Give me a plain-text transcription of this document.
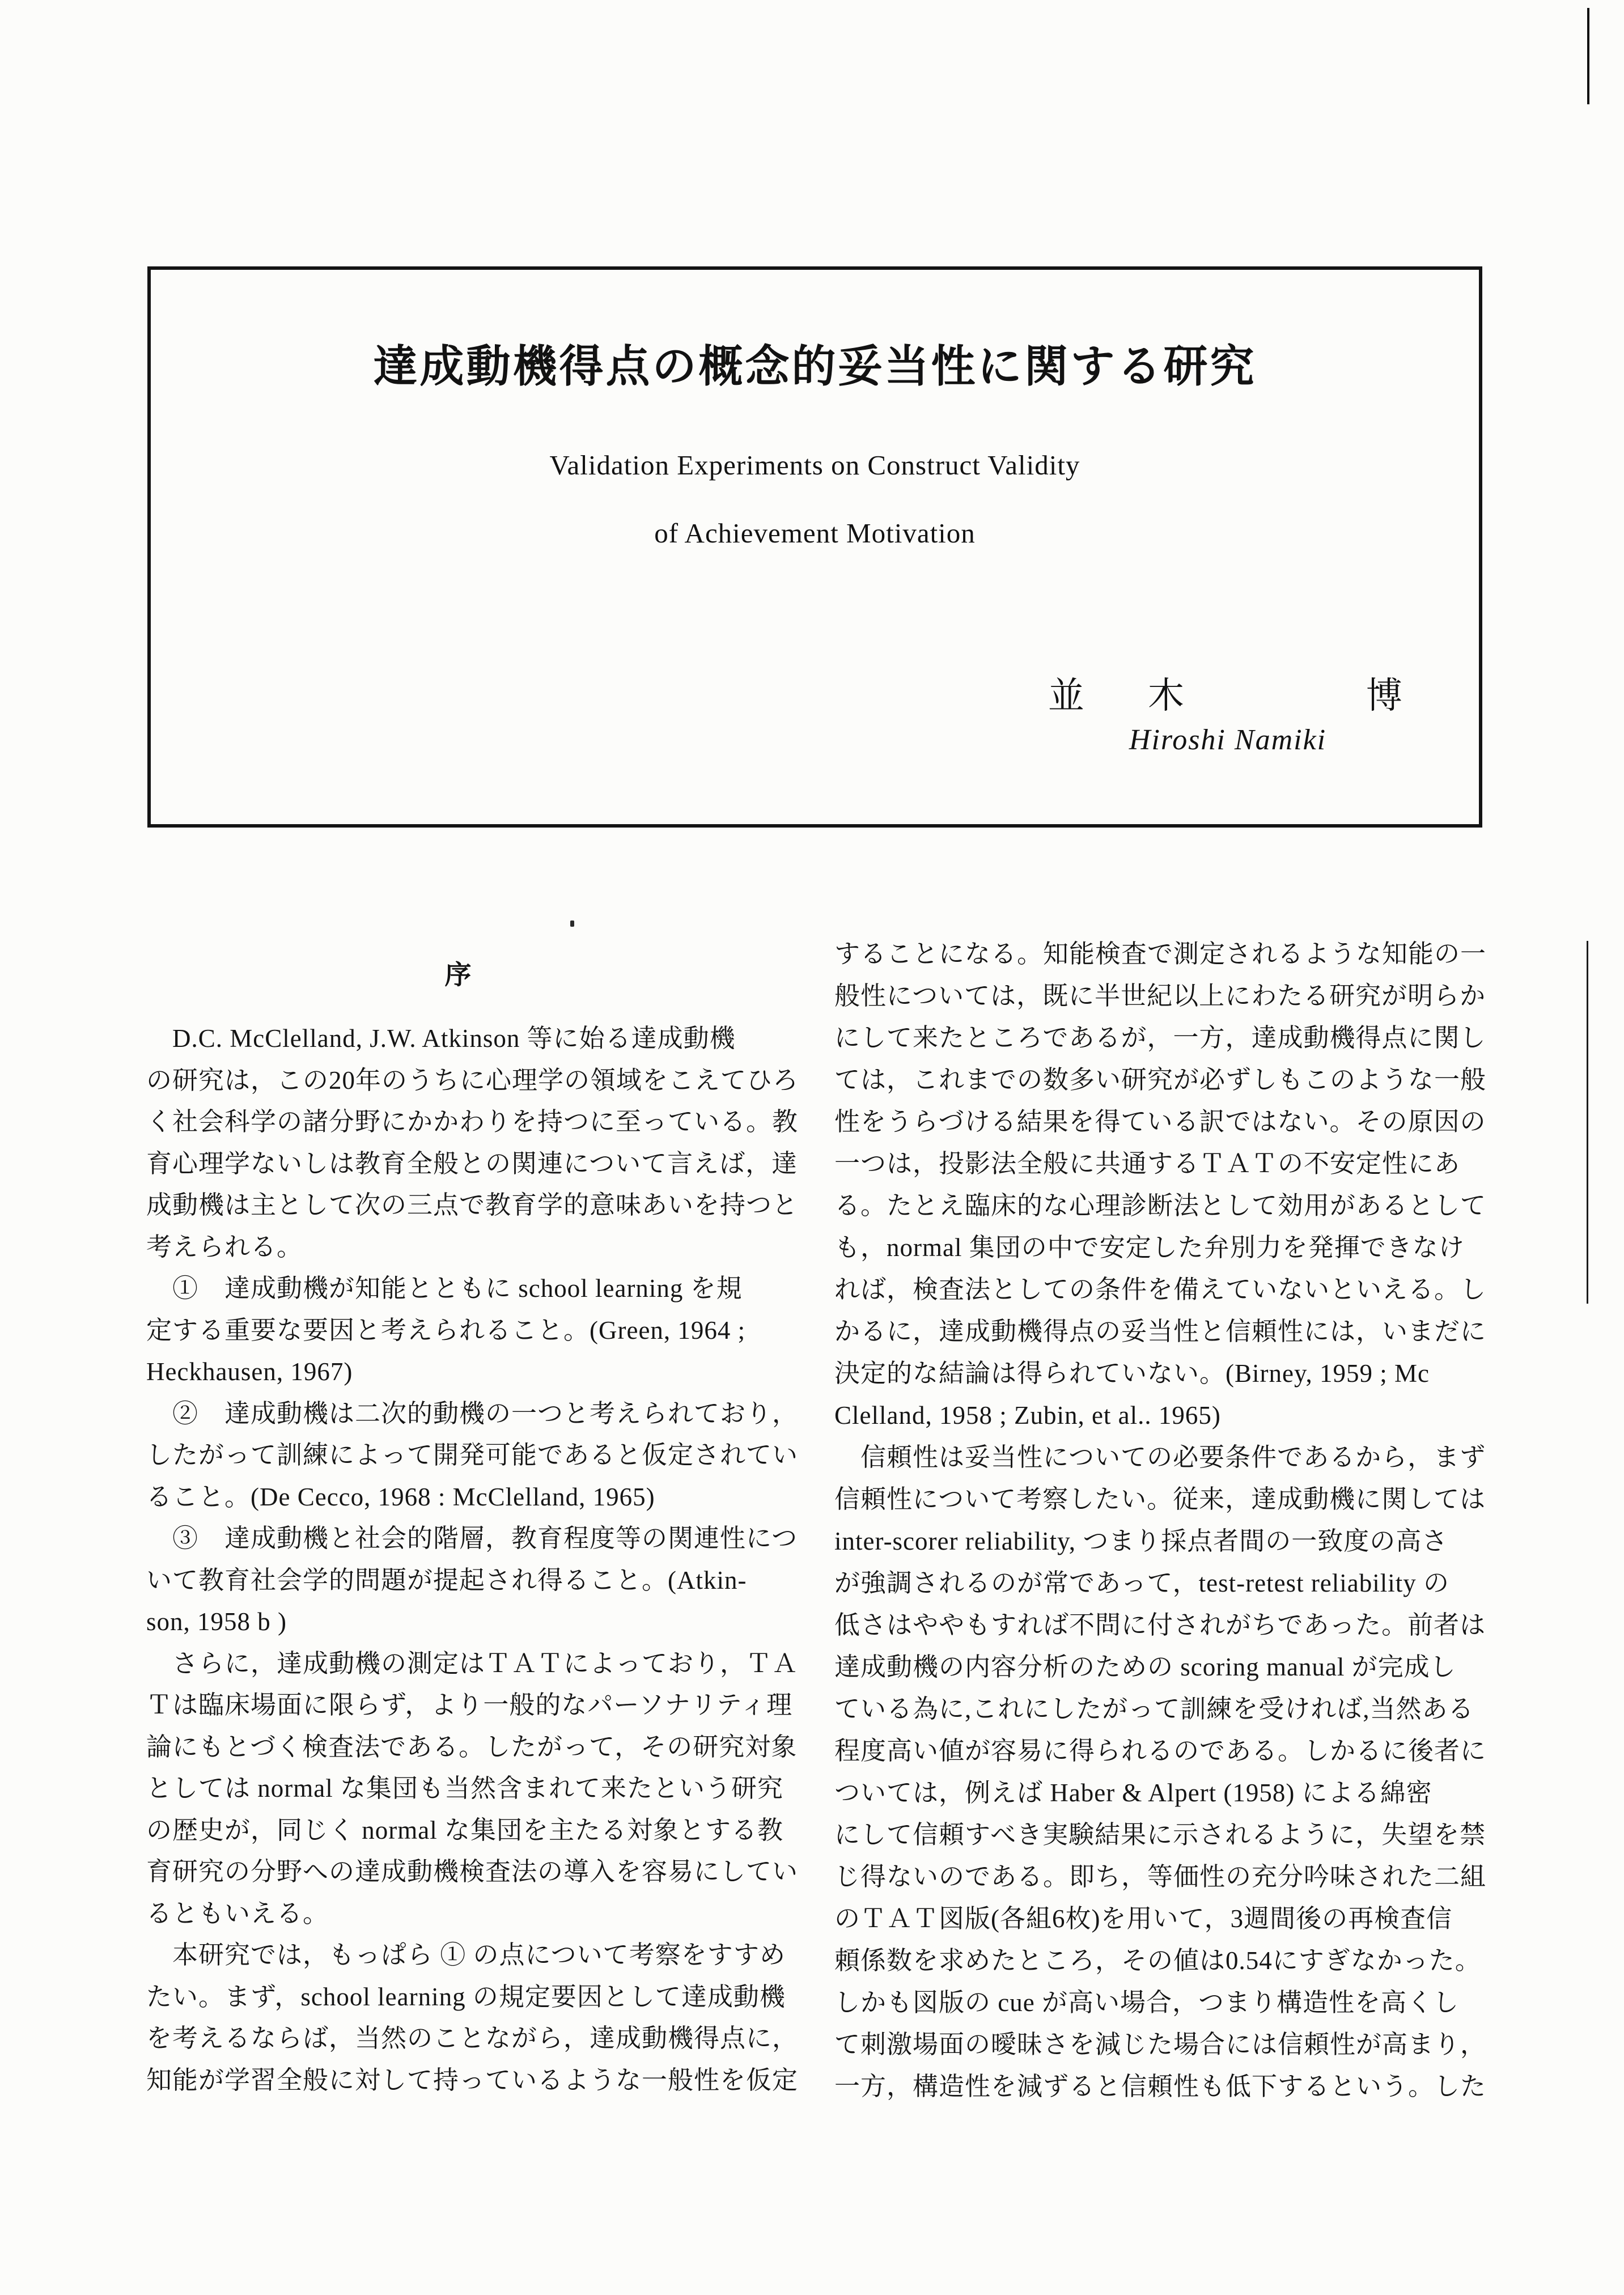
達成動機得点の概念的妥当性に関する研究
Validation Experiments on Construct Validity
of Achievement Motivation
並 木	博
Hiroshi Namiki
序
　D.C. McClelland, J.W. Atkinson 等に始る達成動機
の研究は，この20年のうちに心理学の領域をこえてひろ
く社会科学の諸分野にかかわりを持つに至っている。教
育心理学ないしは教育全般との関連について言えば，達
成動機は主として次の三点で教育学的意味あいを持つと
考えられる。
　①　達成動機が知能とともに school learning を規
定する重要な要因と考えられること。(Green, 1964 ;
Heckhausen, 1967)
　②　達成動機は二次的動機の一つと考えられており，
したがって訓練によって開発可能であると仮定されてい
ること。(De Cecco, 1968 : McClelland, 1965)
　③　達成動機と社会的階層，教育程度等の関連性につ
いて教育社会学的問題が提起され得ること。(Atkin-
son, 1958 b )
　さらに，達成動機の測定はＴＡＴによっており，ＴＡ
Ｔは臨床場面に限らず，より一般的なパーソナリティ理
論にもとづく検査法である。したがって，その研究対象
としては normal な集団も当然含まれて来たという研究
の歴史が，同じく normal な集団を主たる対象とする教
育研究の分野への達成動機検査法の導入を容易にしてい
るともいえる。
　本研究では，もっぱら ① の点について考察をすすめ
たい。まず，school learning の規定要因として達成動機
を考えるならば，当然のことながら，達成動機得点に，
知能が学習全般に対して持っているような一般性を仮定
することになる。知能検査で測定されるような知能の一
般性については，既に半世紀以上にわたる研究が明らか
にして来たところであるが，一方，達成動機得点に関し
ては，これまでの数多い研究が必ずしもこのような一般
性をうらづける結果を得ている訳ではない。その原因の
一つは，投影法全般に共通するＴＡＴの不安定性にあ
る。たとえ臨床的な心理診断法として効用があるとして
も，normal 集団の中で安定した弁別力を発揮できなけ
れば，検査法としての条件を備えていないといえる。し
かるに，達成動機得点の妥当性と信頼性には，いまだに
決定的な結論は得られていない。(Birney, 1959 ; Mc
Clelland, 1958 ; Zubin, et al.. 1965)
　信頼性は妥当性についての必要条件であるから，まず
信頼性について考察したい。従来，達成動機に関しては
inter-scorer reliability, つまり採点者間の一致度の高さ
が強調されるのが常であって，test-retest reliability の
低さはややもすれば不問に付されがちであった。前者は
達成動機の内容分析のための scoring manual が完成し
ている為に,これにしたがって訓練を受ければ,当然ある
程度高い値が容易に得られるのである。しかるに後者に
ついては，例えば Haber & Alpert (1958) による綿密
にして信頼すべき実験結果に示されるように，失望を禁
じ得ないのである。即ち，等価性の充分吟味された二組
のＴＡＴ図版(各組6枚)を用いて，3週間後の再検査信
頼係数を求めたところ，その値は0.54にすぎなかった。
しかも図版の cue が高い場合，つまり構造性を高くし
て刺激場面の曖昧さを減じた場合には信頼性が高まり，
一方，構造性を減ずると信頼性も低下するという。した
